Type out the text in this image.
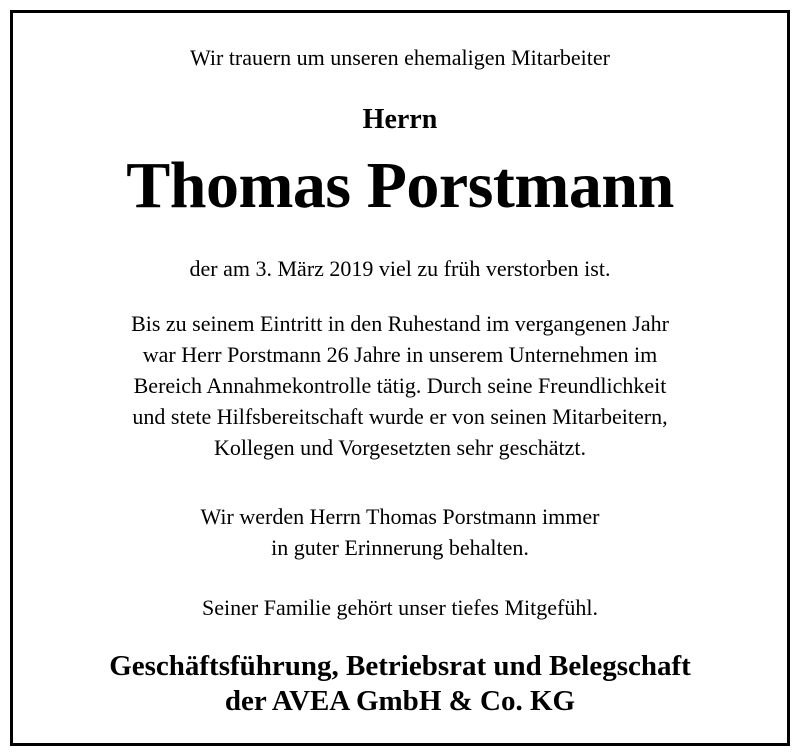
Wir trauern um unseren ehemaligen Mitarbeiter
Herrn
Thomas Porstmann
der am 3. März 2019 viel zu früh verstorben ist.
Bis zu seinem Eintritt in den Ruhestand im vergangenen Jahr
war Herr Porstmann 26 Jahre in unserem Unternehmen im
Bereich Annahmekontrolle tätig. Durch seine Freundlichkeit
und stete Hilfsbereitschaft wurde er von seinen Mitarbeitern,
Kollegen und Vorgesetzten sehr geschätzt.
Wir werden Herrn Thomas Porstmann immer
in guter Erinnerung behalten.
Seiner Familie gehört unser tiefes Mitgefühl.
Geschäftsführung, Betriebsrat und Belegschaft
der AVEA GmbH & Co. KG
